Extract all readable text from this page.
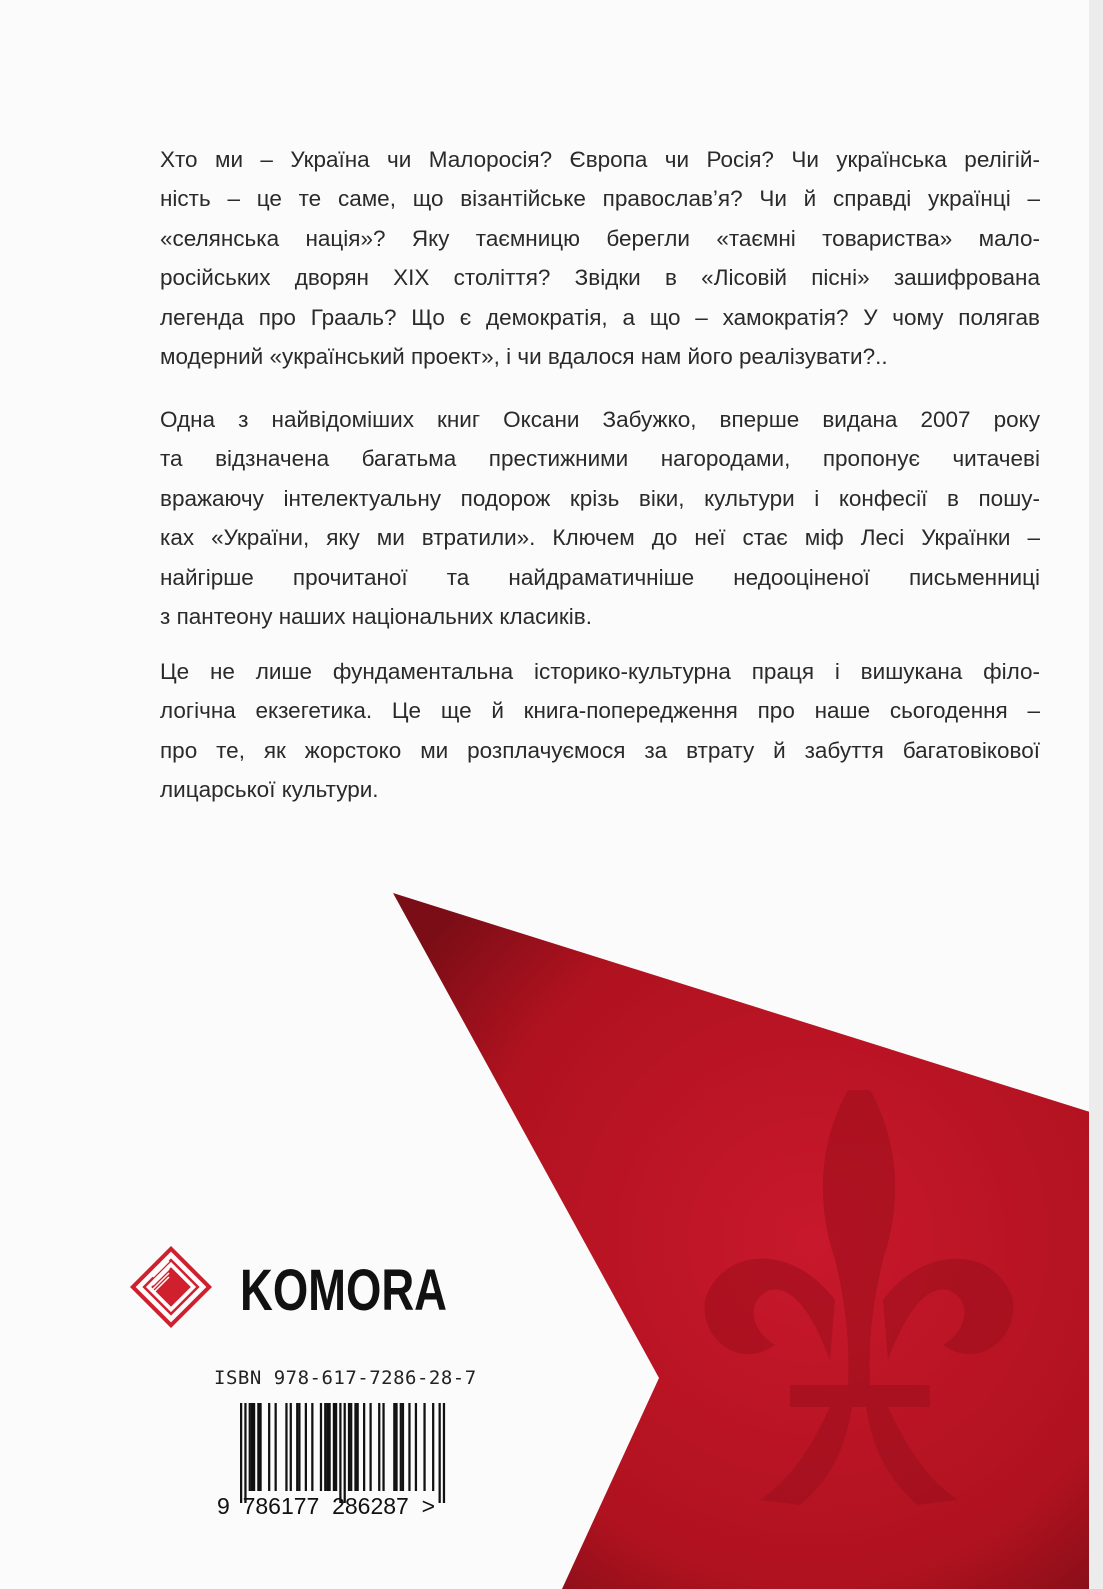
KOMORA
Хто ми – Україна чи Малоросія? Європа чи Росія? Чи українська релігій-
ність – це те саме, що візантійське православ’я? Чи й справді українці –
«селянська нація»? Яку таємницю берегли «таємні товариства» мало-
російських дворян XIX століття? Звідки в «Лісовій пісні» зашифрована
легенда про Грааль? Що є демократія, а що – хамократія? У чому полягав
модерний «український проект», і чи вдалося нам його реалізувати?..
Одна з найвідоміших книг Оксани Забужко, вперше видана 2007 року
та відзначена багатьма престижними нагородами, пропонує читачеві
вражаючу інтелектуальну подорож крізь віки, культури і конфесії в пошу-
ках «України, яку ми втратили». Ключем до неї стає міф Лесі Українки –
найгірше прочитаної та найдраматичніше недооціненої письменниці
з пантеону наших національних класиків.
Це не лише фундаментальна історико-культурна праця і вишукана філо-
логічна екзегетика. Це ще й книга-попередження про наше сьогодення –
про те, як жорстоко ми розплачуємося за втрату й забуття багатовікової
лицарської культури.
ISBN 978-617-7286-28-7
9  786177  286287  >
